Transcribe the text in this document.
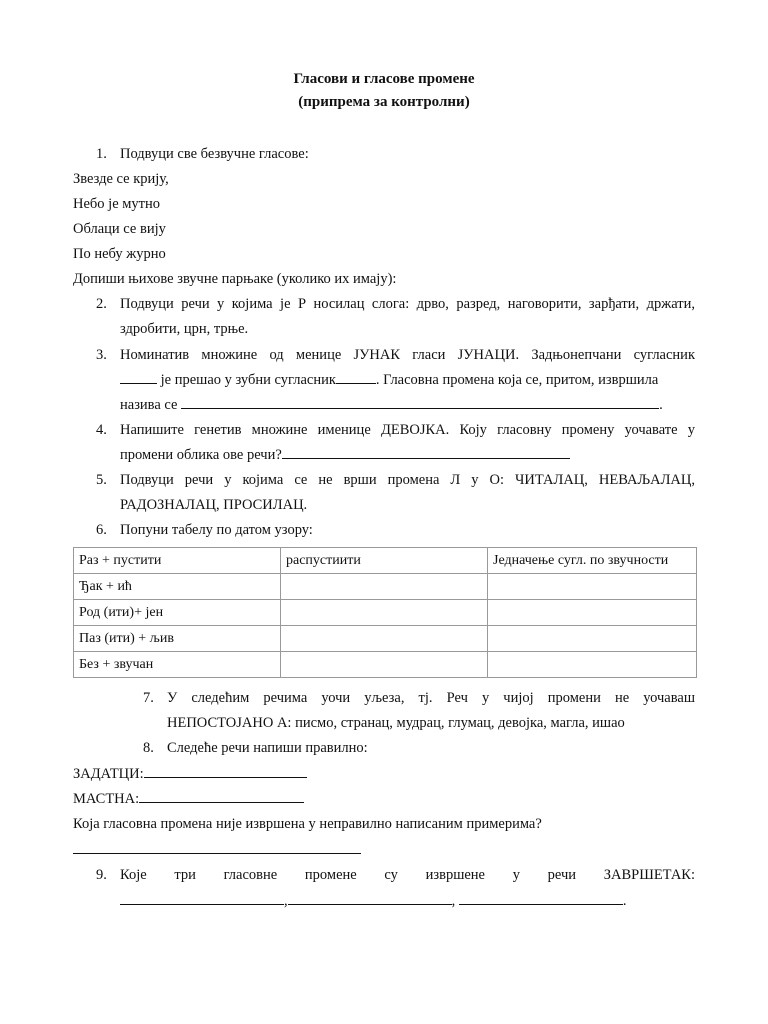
Гласови и гласове промене
(припрема за контролни)
1. Подвуци све безвучне гласове:
Звезде се крију,
Небо је мутно
Облаци се вију
По небу журно
Допиши њихове звучне парњаке (уколико их имају):
2. Подвуци речи у којима је Р носилац слога: дрво, разред, наговорити, зарђати, држати,
здробити, црн, трње.
3. Номинатив множине од менице ЈУНАК гласи ЈУНАЦИ. Задњонепчани сугласник
је прешао у зубни сугласник	. Гласовна промена која се, притом, извршила
назива се	.
4. Напишите генетив множине именице ДЕВОЈКА. Коју гласовну промену уочавате у
промени облика ове речи?
5. Подвуци речи у којима се не врши промена Л у О: ЧИТАЛАЦ, НЕВАЉАЛАЦ,
РАДОЗНАЛАЦ, ПРОСИЛАЦ.
6. Попуни табелу по датом узору:
Раз + пустити	распустиити	Једначење сугл. по звучности
Ђак + ић		
Род (ити)+ јен		
Паз (ити) + љив		
Без + звучан		
7. У следећим речима уочи уљеза, тј. Реч у чијој промени не уочаваш
НЕПОСТОЈАНО А: писмо, странац, мудрац, глумац, девојка, магла, ишао
8. Следеће речи напиши правилно:
ЗАДАТЦИ:
МАСТНА:
Која гласовна промена није извршена у неправилно написаним примерима?
9. Које три гласовне промене су извршене у речи ЗАВРШЕТАК:
,	,	.
